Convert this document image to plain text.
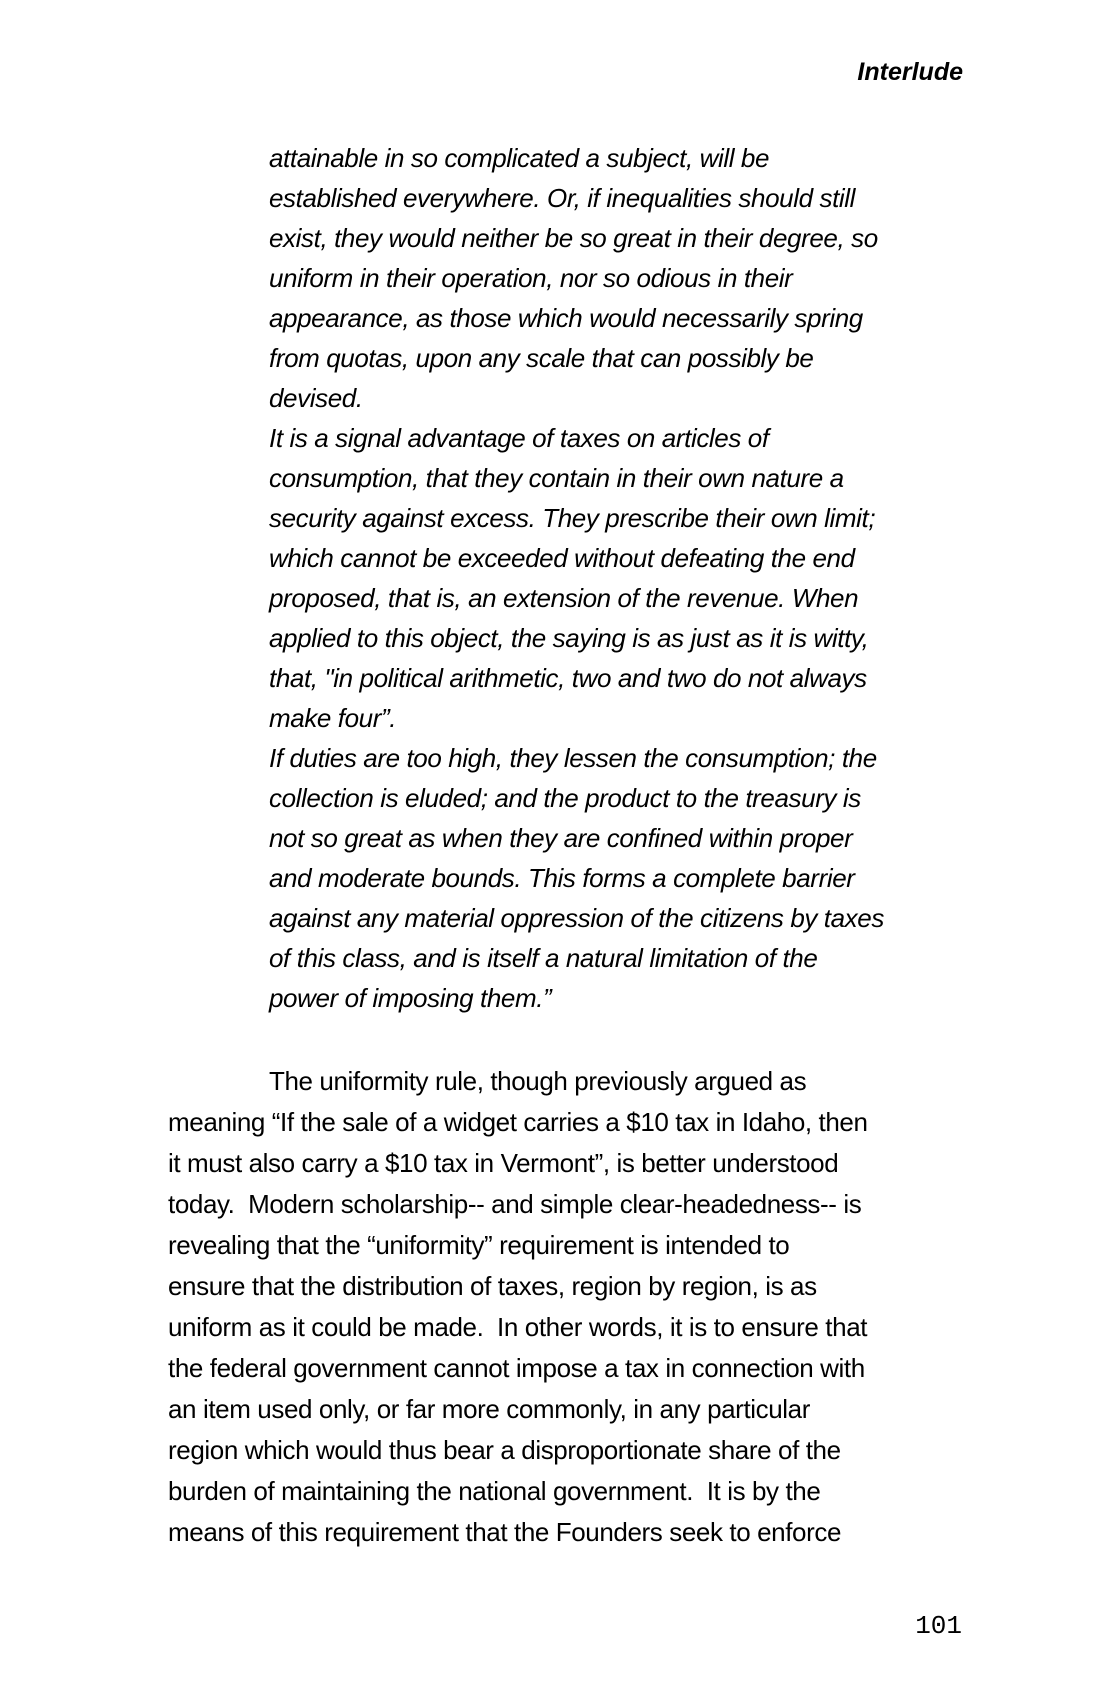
Interlude
attainable in so complicated a subject, will be
established everywhere. Or, if inequalities should still
exist, they would neither be so great in their degree, so
uniform in their operation, nor so odious in their
appearance, as those which would necessarily spring
from quotas, upon any scale that can possibly be
devised.
It is a signal advantage of taxes on articles of
consumption, that they contain in their own nature a
security against excess. They prescribe their own limit;
which cannot be exceeded without defeating the end
proposed, that is, an extension of the revenue. When
applied to this object, the saying is as just as it is witty,
that, "in political arithmetic, two and two do not always
make four”.
If duties are too high, they lessen the consumption; the
collection is eluded; and the product to the treasury is
not so great as when they are confined within proper
and moderate bounds. This forms a complete barrier
against any material oppression of the citizens by taxes
of this class, and is itself a natural limitation of the
power of imposing them.”
The uniformity rule, though previously argued as
meaning “If the sale of a widget carries a $10 tax in Idaho, then
it must also carry a $10 tax in Vermont”, is better understood
today.  Modern scholarship-- and simple clear-headedness-- is
revealing that the “uniformity” requirement is intended to
ensure that the distribution of taxes, region by region, is as
uniform as it could be made.  In other words, it is to ensure that
the federal government cannot impose a tax in connection with
an item used only, or far more commonly, in any particular
region which would thus bear a disproportionate share of the
burden of maintaining the national government.  It is by the
means of this requirement that the Founders seek to enforce
101
